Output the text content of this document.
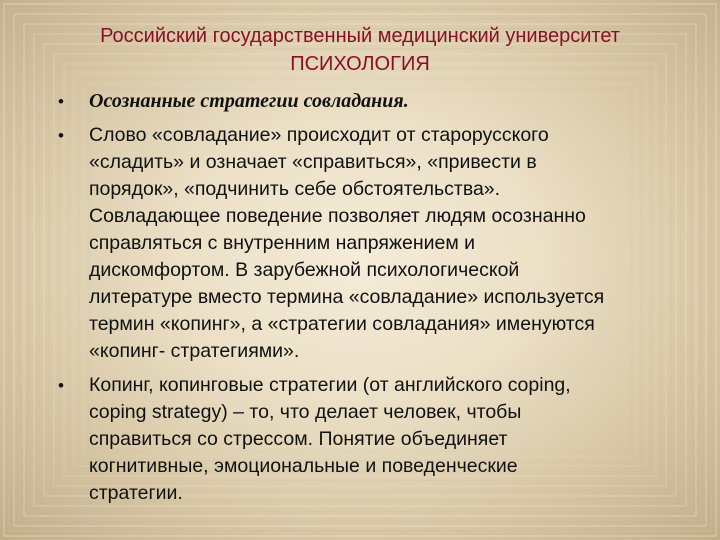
Российский государственный медицинский университет
ПСИХОЛОГИЯ
• Осознанные стратегии совладания.
• Слово «совладание» происходит от старорусского
«сладить» и означает «справиться», «привести в
порядок», «подчинить себе обстоятельства».
Совладающее поведение позволяет людям осознанно
справляться с внутренним напряжением и
дискомфортом. В зарубежной психологической
литературе вместо термина «совладание» используется
термин «копинг», а «стратегии совладания» именуются
«копинг- стратегиями».
• Копинг, копинговые стратегии (от английского coping,
coping strategy) – то, что делает человек, чтобы
справиться со стрессом. Понятие объединяет
когнитивные, эмоциональные и поведенческие
стратегии.
